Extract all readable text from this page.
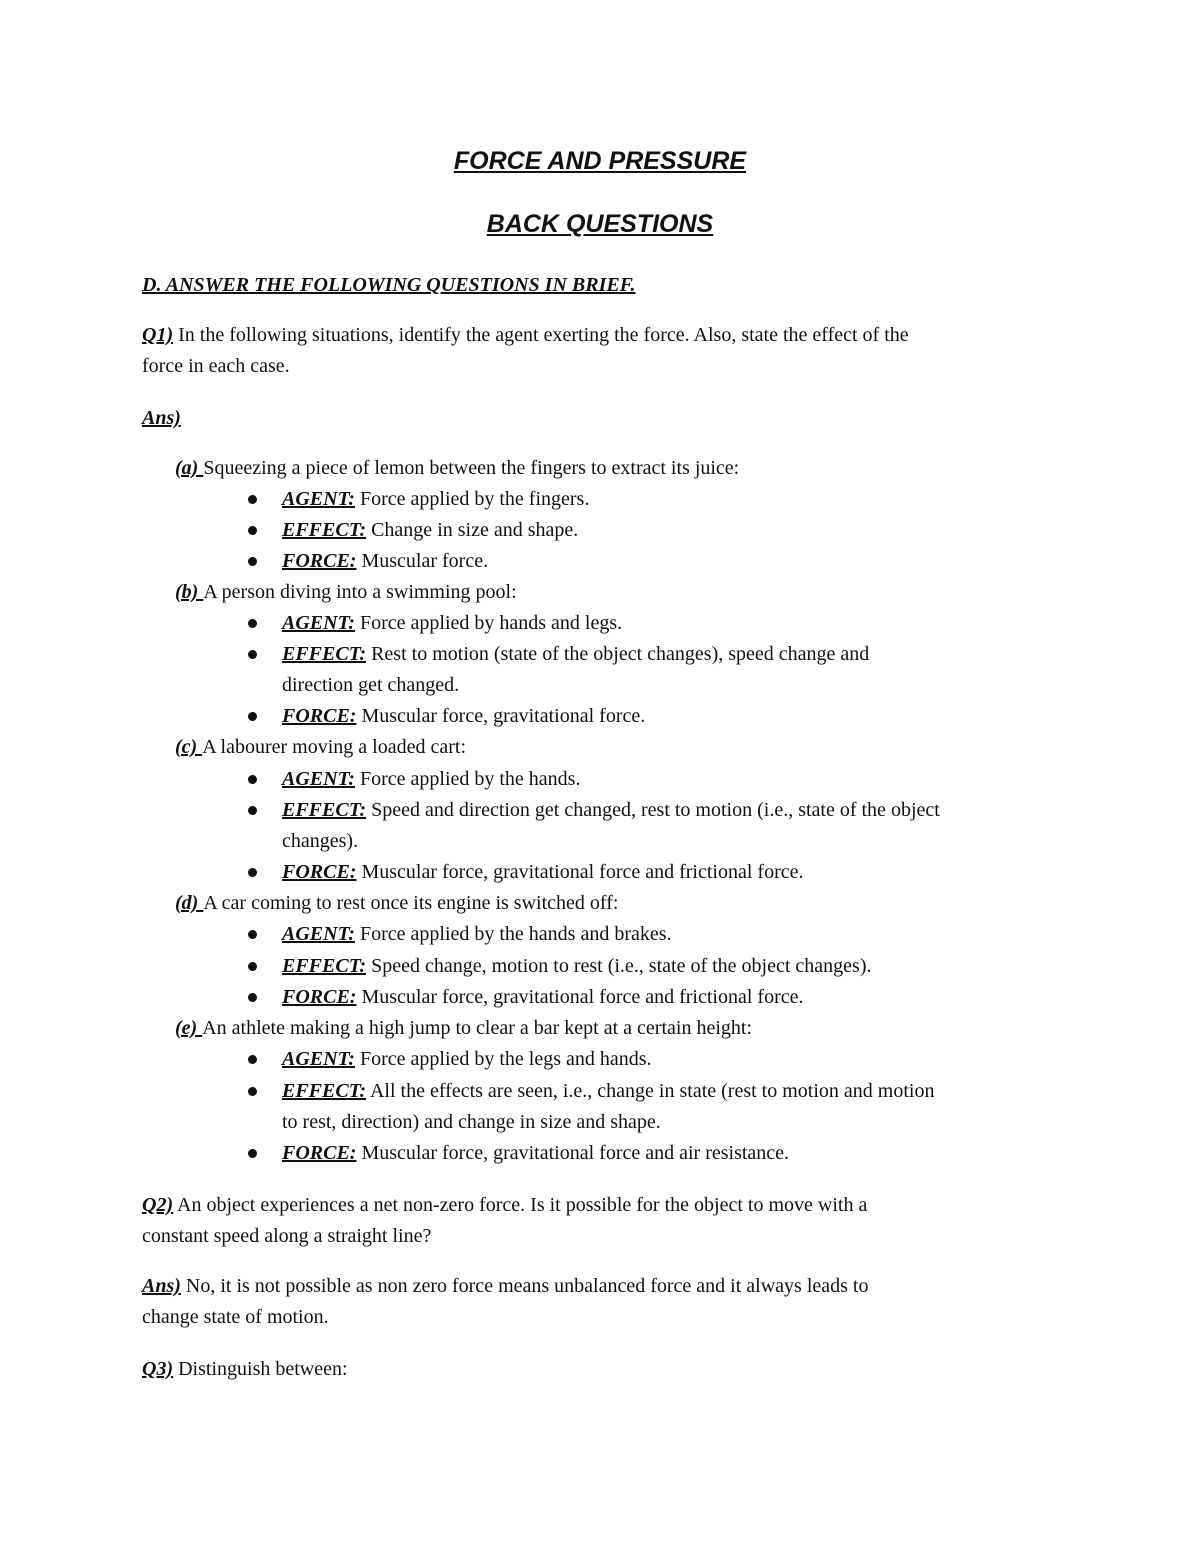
FORCE AND PRESSURE
BACK QUESTIONS

D. ANSWER THE FOLLOWING QUESTIONS IN BRIEF.

Q1) In the following situations, identify the agent exerting the force. Also, state the effect of the

force in each case.

Ans)

(a) Squeezing a piece of lemon between the fingers to extract its juice:

AGENT: Force applied by the fingers.
EFFECT: Change in size and shape.
FORCE: Muscular force.

(b) A person diving into a swimming pool:

AGENT: Force applied by hands and legs.
EFFECT: Rest to motion (state of the object changes), speed change and

direction get changed.

FORCE: Muscular force, gravitational force.

(c) A labourer moving a loaded cart:

AGENT: Force applied by the hands.
EFFECT: Speed and direction get changed, rest to motion (i.e., state of the object

changes).

FORCE: Muscular force, gravitational force and frictional force.

(d) A car coming to rest once its engine is switched off:

AGENT: Force applied by the hands and brakes.
EFFECT: Speed change, motion to rest (i.e., state of the object changes).
FORCE: Muscular force, gravitational force and frictional force.

(e) An athlete making a high jump to clear a bar kept at a certain height:

AGENT: Force applied by the legs and hands.
EFFECT: All the effects are seen, i.e., change in state (rest to motion and motion

to rest, direction) and change in size and shape.

FORCE: Muscular force, gravitational force and air resistance.

Q2) An object experiences a net non-zero force. Is it possible for the object to move with a

constant speed along a straight line?

Ans) No, it is not possible as non zero force means unbalanced force and it always leads to

change state of motion.

Q3) Distinguish between:
